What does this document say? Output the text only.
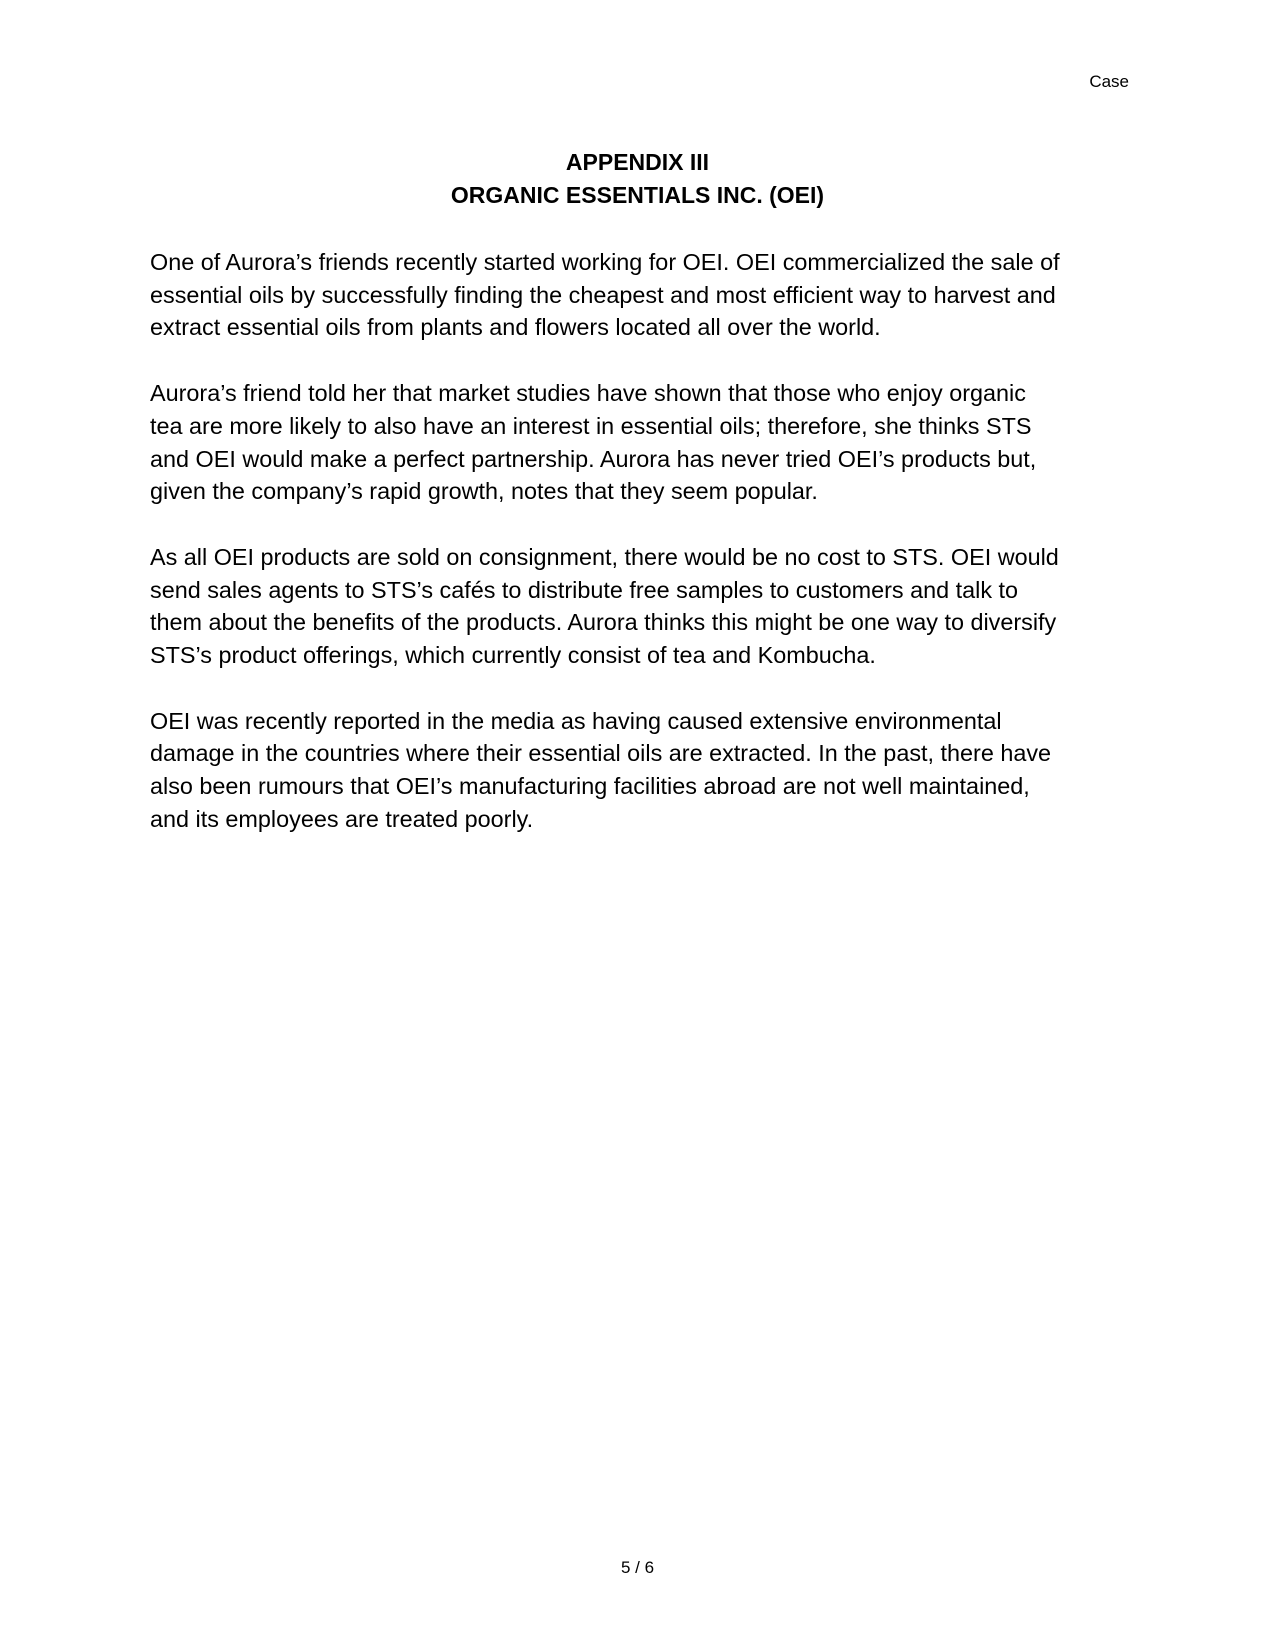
Case
APPENDIX III
ORGANIC ESSENTIALS INC. (OEI)

One of Aurora’s friends recently started working for OEI. OEI commercialized the sale of
essential oils by successfully finding the cheapest and most efficient way to harvest and
extract essential oils from plants and flowers located all over the world.

Aurora’s friend told her that market studies have shown that those who enjoy organic
tea are more likely to also have an interest in essential oils; therefore, she thinks STS
and OEI would make a perfect partnership. Aurora has never tried OEI’s products but,
given the company’s rapid growth, notes that they seem popular.

As all OEI products are sold on consignment, there would be no cost to STS. OEI would
send sales agents to STS’s cafés to distribute free samples to customers and talk to
them about the benefits of the products. Aurora thinks this might be one way to diversify
STS’s product offerings, which currently consist of tea and Kombucha.

OEI was recently reported in the media as having caused extensive environmental
damage in the countries where their essential oils are extracted. In the past, there have
also been rumours that OEI’s manufacturing facilities abroad are not well maintained,
and its employees are treated poorly.

5 / 6
